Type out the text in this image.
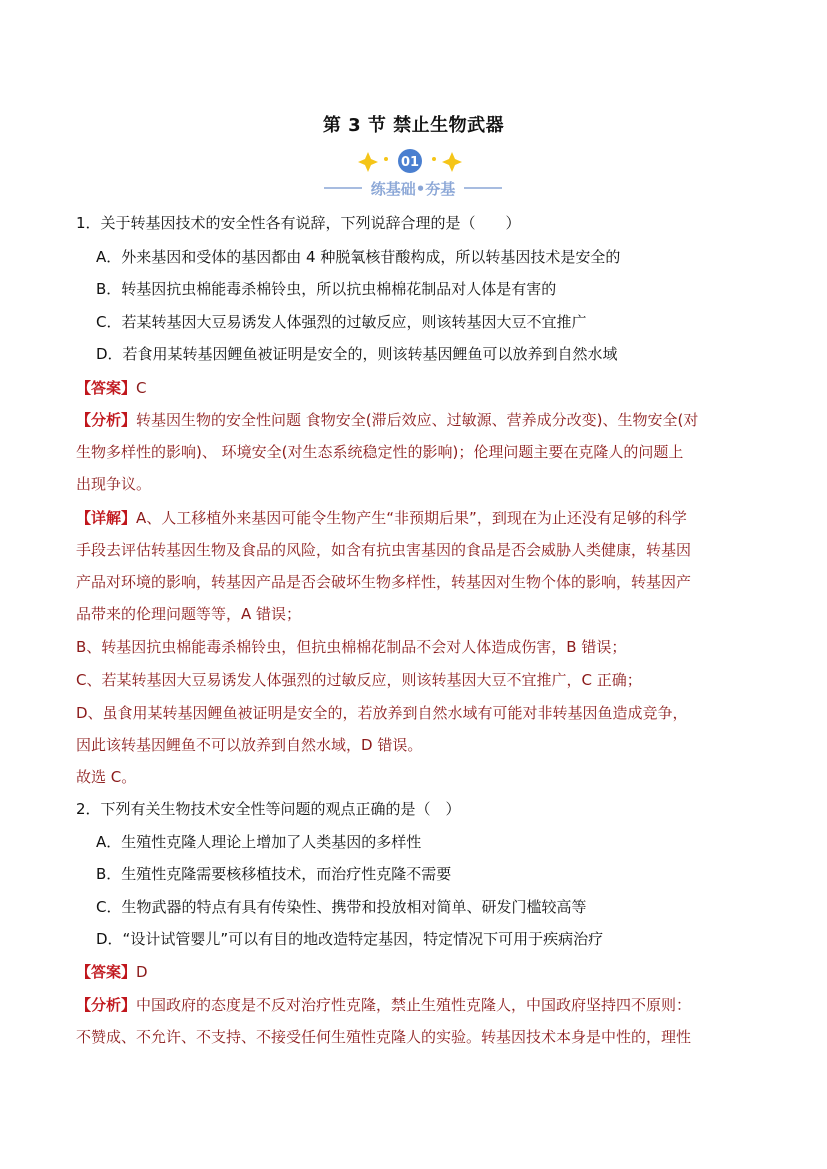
第 3 节 禁止生物武器
01
练基础•夯基
1．关于转基因技术的安全性各有说辞，下列说辞合理的是（　　）
A．外来基因和受体的基因都由 4 种脱氧核苷酸构成，所以转基因技术是安全的
B．转基因抗虫棉能毒杀棉铃虫，所以抗虫棉棉花制品对人体是有害的
C．若某转基因大豆易诱发人体强烈的过敏反应，则该转基因大豆不宜推广
D．若食用某转基因鲤鱼被证明是安全的，则该转基因鲤鱼可以放养到自然水域
【答案】C
【分析】转基因生物的安全性问题 食物安全(滞后效应、过敏源、营养成分改变)、生物安全(对
生物多样性的影响)、 环境安全(对生态系统稳定性的影响)；伦理问题主要在克隆人的问题上
出现争议。
【详解】A、人工移植外来基因可能令生物产生“非预期后果”，到现在为止还没有足够的科学
手段去评估转基因生物及食品的风险，如含有抗虫害基因的食品是否会威胁人类健康，转基因
产品对环境的影响，转基因产品是否会破坏生物多样性，转基因对生物个体的影响，转基因产
品带来的伦理问题等等，A 错误；
B、转基因抗虫棉能毒杀棉铃虫，但抗虫棉棉花制品不会对人体造成伤害，B 错误；
C、若某转基因大豆易诱发人体强烈的过敏反应，则该转基因大豆不宜推广，C 正确；
D、虽食用某转基因鲤鱼被证明是安全的，若放养到自然水域有可能对非转基因鱼造成竞争，
因此该转基因鲤鱼不可以放养到自然水域，D 错误。
故选 C。
2．下列有关生物技术安全性等问题的观点正确的是（　）
A．生殖性克隆人理论上增加了人类基因的多样性
B．生殖性克隆需要核移植技术，而治疗性克隆不需要
C．生物武器的特点有具有传染性、携带和投放相对简单、研发门槛较高等
D．“设计试管婴儿”可以有目的地改造特定基因，特定情况下可用于疾病治疗
【答案】D
【分析】中国政府的态度是不反对治疗性克隆，禁止生殖性克隆人，中国政府坚持四不原则：
不赞成、不允许、不支持、不接受任何生殖性克隆人的实验。转基因技术本身是中性的，理性
